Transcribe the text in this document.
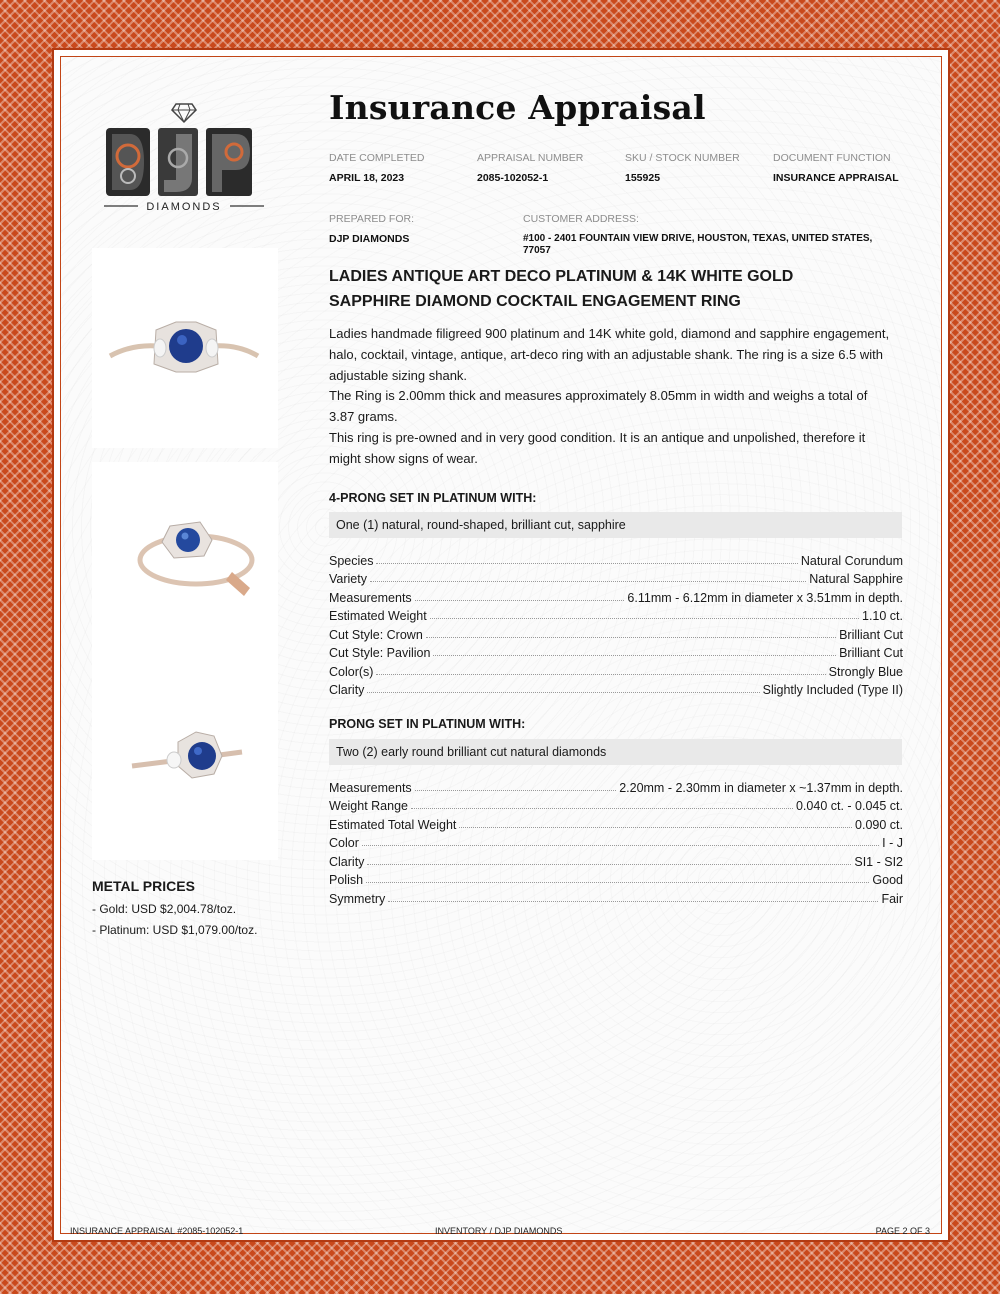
DIAMONDS
METAL PRICES
- Gold: USD $2,004.78/toz.
- Platinum: USD $1,079.00/toz.
Insurance Appraisal
DATE COMPLETED
APRIL 18, 2023
APPRAISAL NUMBER
2085-102052-1
SKU / STOCK NUMBER
155925
DOCUMENT FUNCTION
INSURANCE APPRAISAL
PREPARED FOR:
DJP DIAMONDS
CUSTOMER ADDRESS:
#100 - 2401 FOUNTAIN VIEW DRIVE, HOUSTON, TEXAS, UNITED STATES,
77057
LADIES ANTIQUE ART DECO PLATINUM & 14K WHITE GOLD
SAPPHIRE DIAMOND COCKTAIL ENGAGEMENT RING
Ladies handmade filigreed 900 platinum and 14K white gold, diamond and sapphire engagement,
halo, cocktail, vintage, antique, art-deco ring with an adjustable shank. The ring is a size 6.5 with
adjustable sizing shank.
The Ring is 2.00mm thick and measures approximately 8.05mm in width and weighs a total of
3.87 grams.
This ring is pre-owned and in very good condition. It is an antique and unpolished, therefore it
might show signs of wear.
4-PRONG SET IN PLATINUM WITH:
One (1) natural, round-shaped, brilliant cut, sapphire
Species	Natural Corundum
Variety	Natural Sapphire
Measurements	6.11mm - 6.12mm in diameter x 3.51mm in depth.
Estimated Weight	1.10 ct.
Cut Style: Crown	Brilliant Cut
Cut Style: Pavilion	Brilliant Cut
Color(s)	Strongly Blue
Clarity	Slightly Included (Type II)
PRONG SET IN PLATINUM WITH:
Two (2) early round brilliant cut natural diamonds
Measurements	2.20mm - 2.30mm in diameter x ~1.37mm in depth.
Weight Range	0.040 ct. - 0.045 ct.
Estimated Total Weight	0.090 ct.
Color	I - J
Clarity	SI1 - SI2
Polish	Good
Symmetry	Fair
INSURANCE APPRAISAL #2085-102052-1	INVENTORY / DJP DIAMONDS	PAGE 2 OF 3
